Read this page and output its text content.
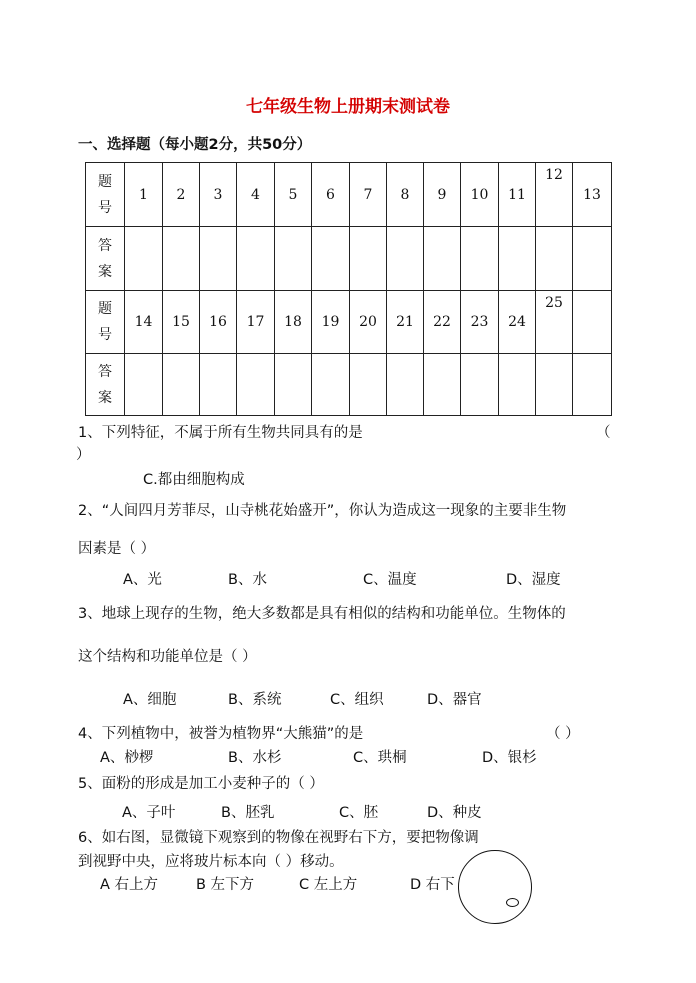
七年级生物上册期末测试卷
一、选择题（每小题2分，共50分）
题
号	1	2	3	4	5	6	7	8	9	10	11	12	13
答
案													
题
号	14	15	16	17	18	19	20	21	22	23	24	25	
答
案													
1、下列特征，不属于所有生物共同具有的是	（
）
C.都由细胞构成
2、“人间四月芳菲尽，山寺桃花始盛开”，你认为造成这一现象的主要非生物
因素是（ ）
A、光	B、水	C、温度	D、湿度
3、地球上现存的生物，绝大多数都是具有相似的结构和功能单位。生物体的
这个结构和功能单位是（ ）
A、细胞	B、系统	C、组织	D、器官
4、下列植物中，被誉为植物界“大熊猫”的是	（ ）
A、桫椤	B、水杉	C、珙桐	D、银杉
5、面粉的形成是加工小麦种子的（ ）
A、子叶	B、胚乳	C、胚	D、种皮
6、如右图，显微镜下观察到的物像在视野右下方，要把物像调
到视野中央，应将玻片标本向（ ）移动。
A 右上方	B 左下方	C 左上方	D 右下
